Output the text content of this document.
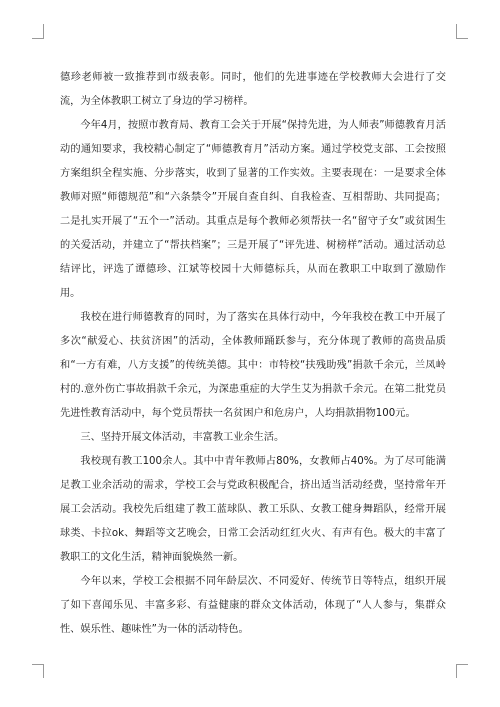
德珍老师被一致推荐到市级表彰。同时，他们的先进事迹在学校教师大会进行了交流，为全体教职工树立了身边的学习榜样。

今年4月，按照市教育局、教育工会关于开展“保持先进，为人师表”师德教育月活动的通知要求，我校精心制定了“师德教育月”活动方案。通过学校党支部、工会按照方案组织全程实施、分步落实，收到了显著的工作实效。主要表现在：一是要求全体教师对照“师德规范”和“六条禁令”开展自查自纠、自我检查、互相帮助、共同提高；二是扎实开展了“五个一”活动。其重点是每个教师必须帮扶一名“留守子女”或贫困生的关爱活动，并建立了“帮扶档案”；三是开展了“评先进、树榜样”活动。通过活动总结评比，评选了谭德珍、江斌等校园十大师德标兵，从而在教职工中取到了激励作用。

我校在进行师德教育的同时，为了落实在具体行动中，今年我校在教工中开展了多次“献爱心、扶贫济困”的活动，全体教师踊跃参与，充分体现了教师的高贵品质和“一方有难，八方支援”的传统美德。其中：市特校“扶残助残”捐款千余元，兰凤岭村的.意外伤亡事故捐款千余元，为深患重症的大学生艾为捐款千余元。在第二批党员先进性教育活动中，每个党员帮扶一名贫困户和危房户，人均捐款捐物100元。

三、坚持开展文体活动，丰富教工业余生活。

我校现有教工100余人。其中中青年教师占80%，女教师占40%。为了尽可能满足教工业余活动的需求，学校工会与党政积极配合，挤出适当活动经费，坚持常年开展工会活动。我校先后组建了教工蓝球队、教工乐队、女教工健身舞蹈队，经常开展球类、卡拉ok、舞蹈等文艺晚会，日常工会活动红红火火、有声有色。极大的丰富了教职工的文化生活，精神面貌焕然一新。

今年以来，学校工会根据不同年龄层次、不同爱好、传统节日等特点，组织开展了如下喜闻乐见、丰富多彩、有益健康的群众文体活动，体现了“人人参与，集群众性、娱乐性、趣味性”为一体的活动特色。
